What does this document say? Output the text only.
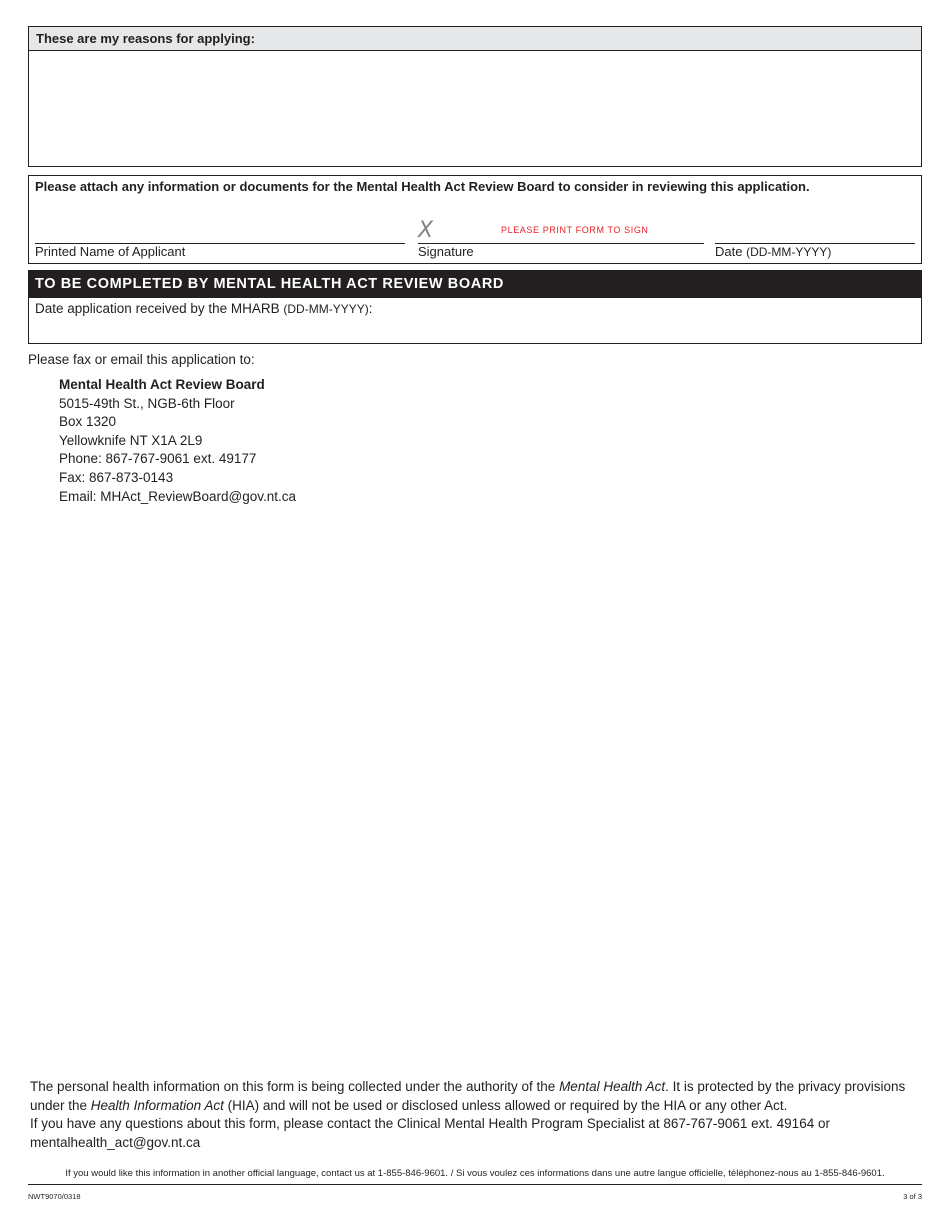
These are my reasons for applying:
Please attach any information or documents for the Mental Health Act Review Board to consider in reviewing this application.
Printed Name of Applicant
X	PLEASE PRINT FORM TO SIGN
Signature	Date (DD-MM-YYYY)
TO BE COMPLETED BY MENTAL HEALTH ACT REVIEW BOARD
Date application received by the MHARB (DD-MM-YYYY):
Please fax or email this application to:
Mental Health Act Review Board
5015-49th St., NGB-6th Floor
Box 1320
Yellowknife NT X1A 2L9
Phone: 867-767-9061 ext. 49177
Fax: 867-873-0143
Email: MHAct_ReviewBoard@gov.nt.ca
The personal health information on this form is being collected under the authority of the Mental Health Act. It is protected by the privacy provisions under the Health Information Act (HIA) and will not be used or disclosed unless allowed or required by the HIA or any other Act.
If you have any questions about this form, please contact the Clinical Mental Health Program Specialist at 867-767-9061 ext. 49164 or mentalhealth_act@gov.nt.ca
If you would like this information in another official language, contact us at 1-855-846-9601. / Si vous voulez ces informations dans une autre langue officielle, téléphonez-nous au 1-855-846-9601.
NWT9070/0318	3 of 3
